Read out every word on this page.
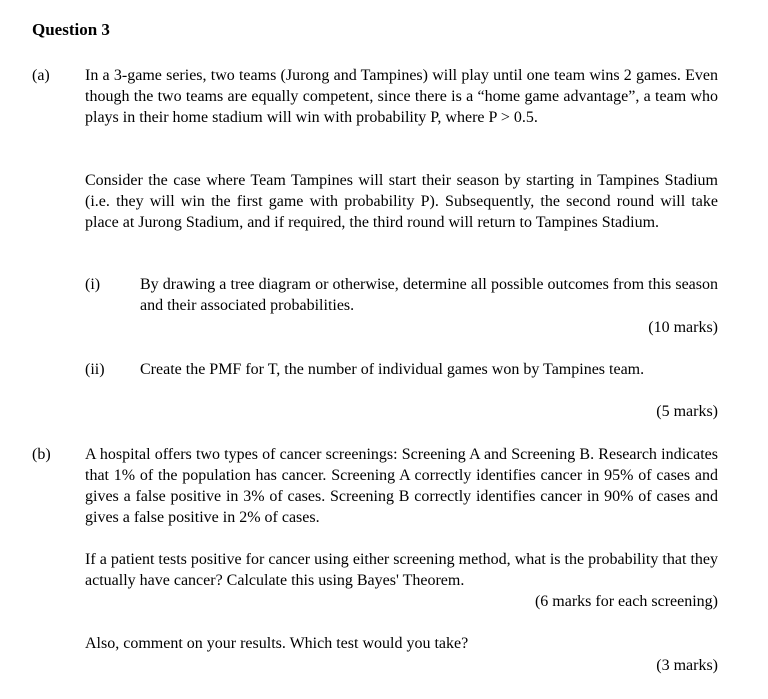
Question 3
(a) In a 3-game series, two teams (Jurong and Tampines) will play until one team wins 2 games. Even though the two teams are equally competent, since there is a “home game advantage”, a team who plays in their home stadium will win with probability P, where P > 0.5.
Consider the case where Team Tampines will start their season by starting in Tampines Stadium (i.e. they will win the first game with probability P). Subsequently, the second round will take place at Jurong Stadium, and if required, the third round will return to Tampines Stadium.
(i) By drawing a tree diagram or otherwise, determine all possible outcomes from this season and their associated probabilities.
(10 marks)
(ii) Create the PMF for T, the number of individual games won by Tampines team.
(5 marks)
(b) A hospital offers two types of cancer screenings: Screening A and Screening B. Research indicates that 1% of the population has cancer. Screening A correctly identifies cancer in 95% of cases and gives a false positive in 3% of cases. Screening B correctly identifies cancer in 90% of cases and gives a false positive in 2% of cases.
If a patient tests positive for cancer using either screening method, what is the probability that they actually have cancer? Calculate this using Bayes' Theorem.
(6 marks for each screening)
Also, comment on your results. Which test would you take?
(3 marks)
